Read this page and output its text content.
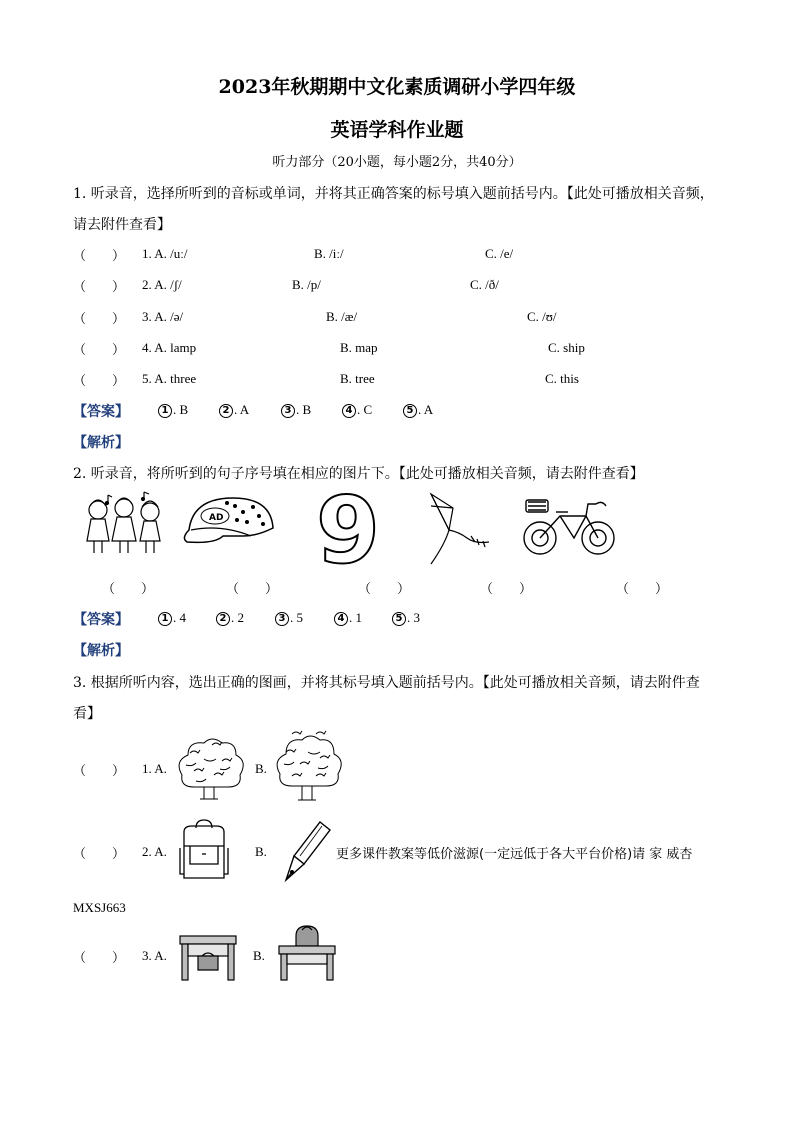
2023年秋期期中文化素质调研小学四年级
英语学科作业题
听力部分（20小题，每小题2分，共40分）
1. 听录音，选择所听到的音标或单词，并将其正确答案的标号填入题前括号内。【此处可播放相关音频，
请去附件查看】
（　　） 1. A. /uː/	B. /iː/	C. /e/
（　　） 2. A. /ʃ/	B. /p/	C. /ð/
（　　） 3. A. /ə/	B. /æ/	C. /ʊ/
（　　） 4. A. lamp	B. map	C. ship
（　　） 5. A. three	B. tree	C. this
【答案】	1 . B	2 . A	3 . B	4 . C	5 . A
【解析】
2. 听录音，将所听到的句子序号填在相应的图片下。【此处可播放相关音频，请去附件查看】
AD 9
（　　）	（　　）	（　　）	（　　）	（　　）
【答案】	1 . 4	2 . 2	3 . 5	4 . 1	5 . 3
【解析】
3. 根据所听内容，选出正确的图画，并将其标号填入题前括号内。【此处可播放相关音频，请去附件查
看】
（　　） 1. A.	B.
（　　） 2. A.	B.	更多课件教案等低价滋源(一定远低于各大平台价格)请 家 威杏
MXSJ663
（　　） 3. A.	B.
